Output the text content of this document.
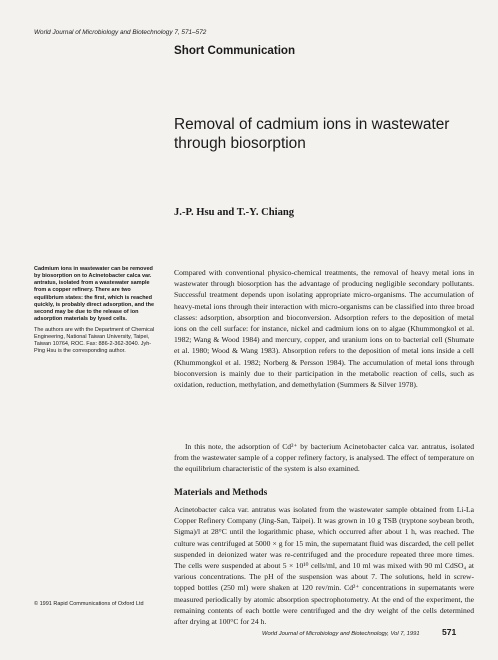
World Journal of Microbiology and Biotechnology 7, 571–572
Short Communication
Removal of cadmium ions in wastewater through biosorption
J.-P. Hsu and T.-Y. Chiang
Cadmium ions in wastewater can be removed by biosorption on to Acinetobacter calca var. antratus, isolated from a wastewater sample from a copper refinery. There are two equilibrium states: the first, which is reached quickly, is probably direct adsorption, and the second may be due to the release of ion adsorption materials by lysed cells.
The authors are with the Department of Chemical Engineering, National Taiwan University, Taipei, Taiwan 10764, ROC. Fax: 886-2-362-3040. Jyh-Ping Hsu is the corresponding author.
© 1991 Rapid Communications of Oxford Ltd

Compared with conventional physico-chemical treatments, the removal of heavy metal ions in wastewater through biosorption has the advantage of producing negligible secondary pollutants. Successful treatment depends upon isolating appropriate micro-organisms. The accumulation of heavy-metal ions through their interaction with micro-organisms can be classified into three broad classes: adsorption, absorption and bioconversion. Adsorption refers to the deposition of metal ions on the cell surface: for instance, nickel and cadmium ions on to algae (Khummongkol et al. 1982; Wang & Wood 1984) and mercury, copper, and uranium ions on to bacterial cell (Shumate et al. 1980; Wood & Wang 1983). Absorption refers to the deposition of metal ions inside a cell (Khummongkol et al. 1982; Norberg & Persson 1984). The accumulation of metal ions through bioconversion is mainly due to their participation in the metabolic reaction of cells, such as oxidation, reduction, methylation, and demethylation (Summers & Silver 1978).

In this note, the adsorption of Cd²⁺ by bacterium Acinetobacter calca var. antratus, isolated from the wastewater sample of a copper refinery factory, is analysed. The effect of temperature on the equilibrium characteristic of the system is also examined.

Materials and Methods

Acinetobacter calca var. antratus was isolated from the wastewater sample obtained from Li-La Copper Refinery Company (Jing-San, Taipei). It was grown in 10 g TSB (tryptone soybean broth, Sigma)/l at 28°C until the logarithmic phase, which occurred after about 1 h, was reached. The culture was centrifuged at 5000 × g for 15 min, the supernatant fluid was discarded, the cell pellet suspended in deionized water was re-centrifuged and the procedure repeated three more times. The cells were suspended at about 5 × 10¹⁰ cells/ml, and 10 ml was mixed with 90 ml CdSO₄ at various concentrations. The pH of the suspension was about 7. The solutions, held in screw-topped bottles (250 ml) were shaken at 120 rev/min. Cd²⁺ concentrations in supernatants were measured periodically by atomic absorption spectrophotometry. At the end of the experiment, the remaining contents of each bottle were centrifuged and the dry weight of the cells determined after drying at 100°C for 24 h.

World Journal of Microbiology and Biotechnology, Vol 7, 1991	571
